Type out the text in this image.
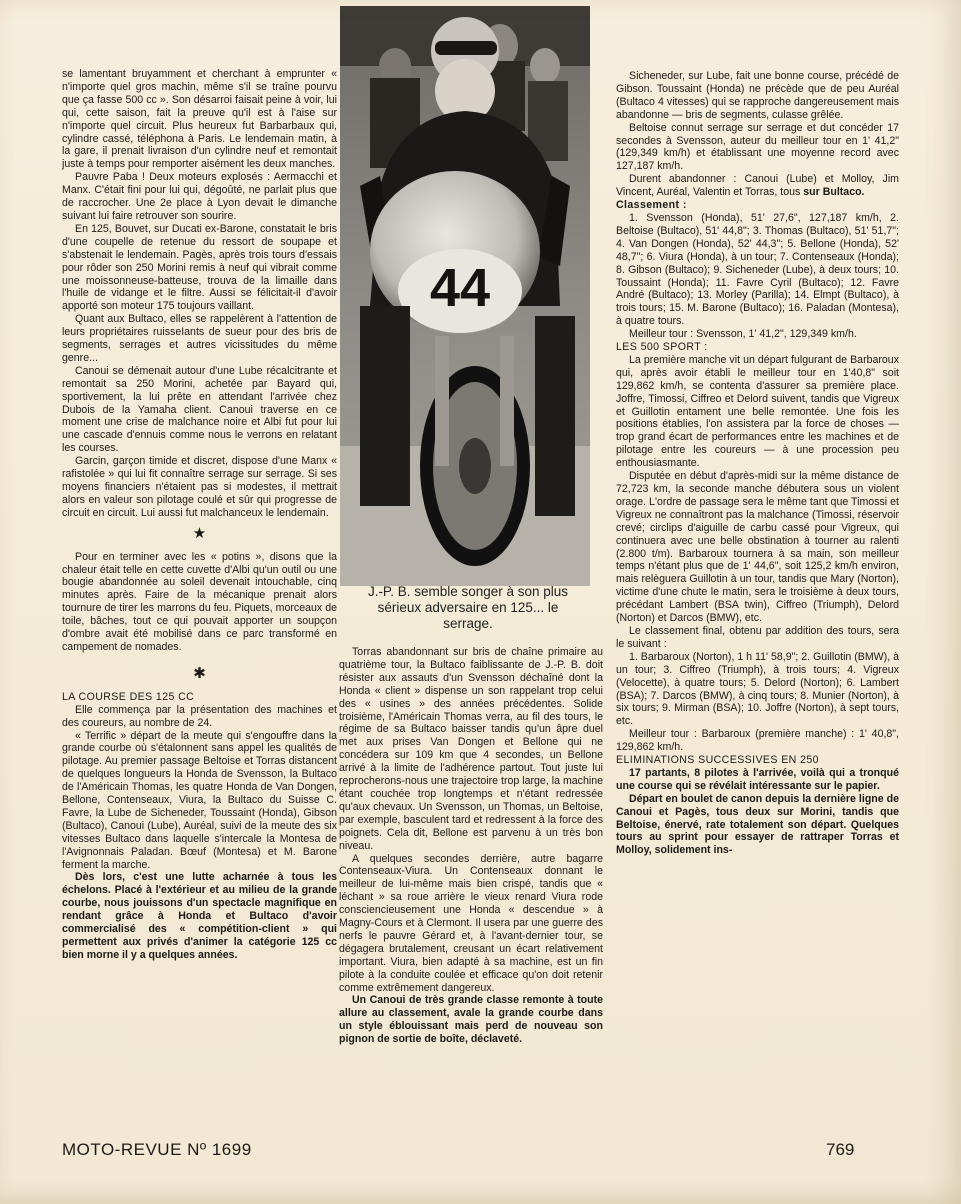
se lamentant bruyamment et cherchant à emprunter « n'importe quel gros machin, même s'il se traîne pourvu que ça fasse 500 cc ». Son désarroi faisait peine à voir, lui qui, cette saison, fait la preuve qu'il est à l'aise sur n'importe quel circuit. Plus heureux fut Barbarbaux qui, cylindre cassé, téléphona à Paris. Le lendemain matin, à la gare, il prenait livraison d'un cylindre neuf et remontait juste à temps pour remporter aisément les deux manches.

Pauvre Paba ! Deux moteurs explosés : Aermacchi et Manx. C'était fini pour lui qui, dégoûté, ne parlait plus que de raccrocher. Une 2e place à Lyon devait le dimanche suivant lui faire retrouver son sourire.

En 125, Bouvet, sur Ducati ex-Barone, constatait le bris d'une coupelle de retenue du ressort de soupape et s'abstenait le lendemain. Pagès, après trois tours d'essais pour rôder son 250 Morini remis à neuf qui vibrait comme une moissonneuse-batteuse, trouva de la limaille dans l'huile de vidange et le filtre. Aussi se félicitait-il d'avoir apporté son moteur 175 toujours vaillant.

Quant aux Bultaco, elles se rappelèrent à l'attention de leurs propriétaires ruisseIants de sueur pour des bris de segments, serrages et autres vicissitudes du même genre...

Canoui se démenait autour d'une Lube récalcitrante et remontait sa 250 Morini, achetée par Bayard qui, sportivement, la lui prête en attendant l'arrivée chez Dubois de la Yamaha client. Canoui traverse en ce moment une crise de malchance noire et Albi fut pour lui une cascade d'ennuis comme nous le verrons en relatant les courses.

Garcin, garçon timide et discret, dispose d'une Manx « rafistolée » qui lui fit connaître serrage sur serrage. Si ses moyens financiers n'étaient pas si modestes, il mettrait alors en valeur son pilotage coulé et sûr qui progresse de circuit en circuit. Lui aussi fut malchanceux le lendemain.

★

Pour en terminer avec les « potins », disons que la chaleur était telle en cette cuvette d'Albi qu'un outil ou une bougie abandonnée au soleil devenait intouchable, cinq minutes après. Faire de la mécanique prenait alors tournure de tirer les marrons du feu. Piquets, morceaux de toile, bâches, tout ce qui pouvait apporter un soupçon d'ombre avait été mobilisé dans ce parc transformé en campement de nomades.

✱

LA COURSE DES 125 CC

Elle commença par la présentation des machines et des coureurs, au nombre de 24.

« Terrific » départ de la meute qui s'engouffre dans la grande courbe où s'étalonnent sans appel les qualités de pilotage. Au premier passage Beltoise et Torras distancent de quelques longueurs la Honda de Svensson, la Bultaco de l'Américain Thomas, les quatre Honda de Van Dongen, Bellone, Contenseaux, Viura, la Bultaco du Suisse C. Favre, la Lube de Sicheneder, Toussaint (Honda), Gibson (Bultaco), Canoui (Lube), Auréal, suivi de la meute des six vitesses Bultaco dans laquelle s'intercale la Montesa de l'Avignonnais Paladan. Bœuf (Montesa) et M. Barone ferment la marche.

Dès lors, c'est une lutte acharnée à tous les échelons. Placé à l'extérieur et au milieu de la grande courbe, nous jouissons d'un spectacle magnifique en rendant grâce à Honda et Bultaco d'avoir commercialisé des « compétition-client » qui permettent aux privés d'animer la catégorie 125 cc bien morne il y a quelques années.

44
J.-P. B. semble songer à son plus sérieux adversaire en 125... le serrage.

Torras abandonnant sur bris de chaîne primaire au quatrième tour, la Bultaco faiblissante de J.-P. B. doit résister aux assauts d'un Svensson déchaîné dont la Honda « client » dispense un son rappelant trop celui des « usines » des années précédentes. Solide troisième, l'Américain Thomas verra, au fil des tours, le régime de sa Bultaco baisser tandis qu'un âpre duel met aux prises Van Dongen et Bellone qui ne concédera sur 109 km que 4 secondes, un Bellone arrivé à la limite de l'adhérence partout. Tout juste lui reprocherons-nous une trajectoire trop large, la machine étant couchée trop longtemps et n'étant redressée qu'aux chevaux. Un Svensson, un Thomas, un Beltoise, par exemple, basculent tard et redressent à la force des poignets. Cela dit, Bellone est parvenu à un très bon niveau.

A quelques secondes derrière, autre bagarre Contenseaux-Viura. Un Contenseaux donnant le meilleur de lui-même mais bien crispé, tandis que « léchant » sa roue arrière le vieux renard Viura rode consciencieusement une Honda « descendue » à Magny-Cours et à Clermont. Il usera par une guerre des nerfs le pauvre Gérard et, à l'avant-dernier tour, se dégagera brutalement, creusant un écart relativement important. Viura, bien adapté à sa machine, est un fin pilote à la conduite coulée et efficace qu'on doit retenir comme extrêmement dangereux.

Un Canoui de très grande classe remonte à toute allure au classement, avale la grande courbe dans un style éblouissant mais perd de nouveau son pignon de sortie de boîte, déclaveté.

Sicheneder, sur Lube, fait une bonne course, précédé de Gibson. Toussaint (Honda) ne précède que de peu Auréal (Bultaco 4 vitesses) qui se rapproche dangereusement mais abandonne — bris de segments, culasse grêlée.

Beltoise connut serrage sur serrage et dut concéder 17 secondes à Svensson, auteur du meilleur tour en 1' 41,2" (129,349 km/h) et établissant une moyenne record avec 127,187 km/h.

Durent abandonner : Canoui (Lube) et Molloy, Jim Vincent, Auréal, Valentin et Torras, tous sur Bultaco.

Classement :

1. Svensson (Honda), 51' 27,6", 127,187 km/h, 2. Beltoise (Bultaco), 51' 44,8"; 3. Thomas (Bultaco), 51' 51,7"; 4. Van Dongen (Honda), 52' 44,3"; 5. Bellone (Honda), 52' 48,7"; 6. Viura (Honda), à un tour; 7. Contenseaux (Honda); 8. Gibson (Bultaco); 9. Sicheneder (Lube), à deux tours; 10. Toussaint (Honda); 11. Favre Cyril (Bultaco); 12. Favre André (Bultaco); 13. Morley (Parilla); 14. Elmpt (Bultaco), à trois tours; 15. M. Barone (Bultaco); 16. Paladan (Montesa), à quatre tours.

Meilleur tour : Svensson, 1' 41,2", 129,349 km/h.

LES 500 SPORT :

La première manche vit un départ fulgurant de Barbaroux qui, après avoir établi le meilleur tour en 1'40,8" soit 129,862 km/h, se contenta d'assurer sa première place. Joffre, Timossi, Ciffreo et Delord suivent, tandis que Vigreux et Guillotin entament une belle remontée. Une fois les positions établies, l'on assistera par la force de choses — trop grand écart de performances entre les machines et de pilotage entre les coureurs — à une procession peu enthousiasmante.

Disputée en début d'après-midi sur la même distance de 72,723 km, la seconde manche débutera sous un violent orage. L'ordre de passage sera le même tant que Timossi et Vigreux ne connaîtront pas la malchance (Timossi, réservoir crevé; circlips d'aiguille de carbu cassé pour Vigreux, qui continuera avec une belle obstination à tourner au ralenti (2.800 t/m). Barbaroux tournera à sa main, son meilleur temps n'étant plus que de 1' 44,6", soit 125,2 km/h environ, mais relèguera Guillotin à un tour, tandis que Mary (Norton), victime d'une chute le matin, sera le troisième à deux tours, précédant Lambert (BSA twin), Ciffreo (Triumph), Delord (Norton) et Darcos (BMW), etc.

Le classement final, obtenu par addition des tours, sera le suivant :

1. Barbaroux (Norton), 1 h 11' 58,9"; 2. Guillotin (BMW), à un tour; 3. Ciffreo (Triumph), à trois tours; 4. Vigreux (Velocette), à quatre tours; 5. Delord (Norton); 6. Lambert (BSA); 7. Darcos (BMW), à cinq tours; 8. Munier (Norton), à six tours; 9. Mirman (BSA); 10. Joffre (Norton), à sept tours, etc.

Meilleur tour : Barbaroux (première manche) : 1' 40,8", 129,862 km/h.

ELIMINATIONS SUCCESSIVES EN 250

17 partants, 8 pilotes à l'arrivée, voilà qui a tronqué une course qui se révélait intéressante sur le papier.

Départ en boulet de canon depuis la dernière ligne de Canoui et Pagès, tous deux sur Morini, tandis que Beltoise, énervé, rate totalement son départ. Quelques tours au sprint pour essayer de rattraper Torras et Molloy, solidement ins-

MOTO-REVUE Nº 1699	769
